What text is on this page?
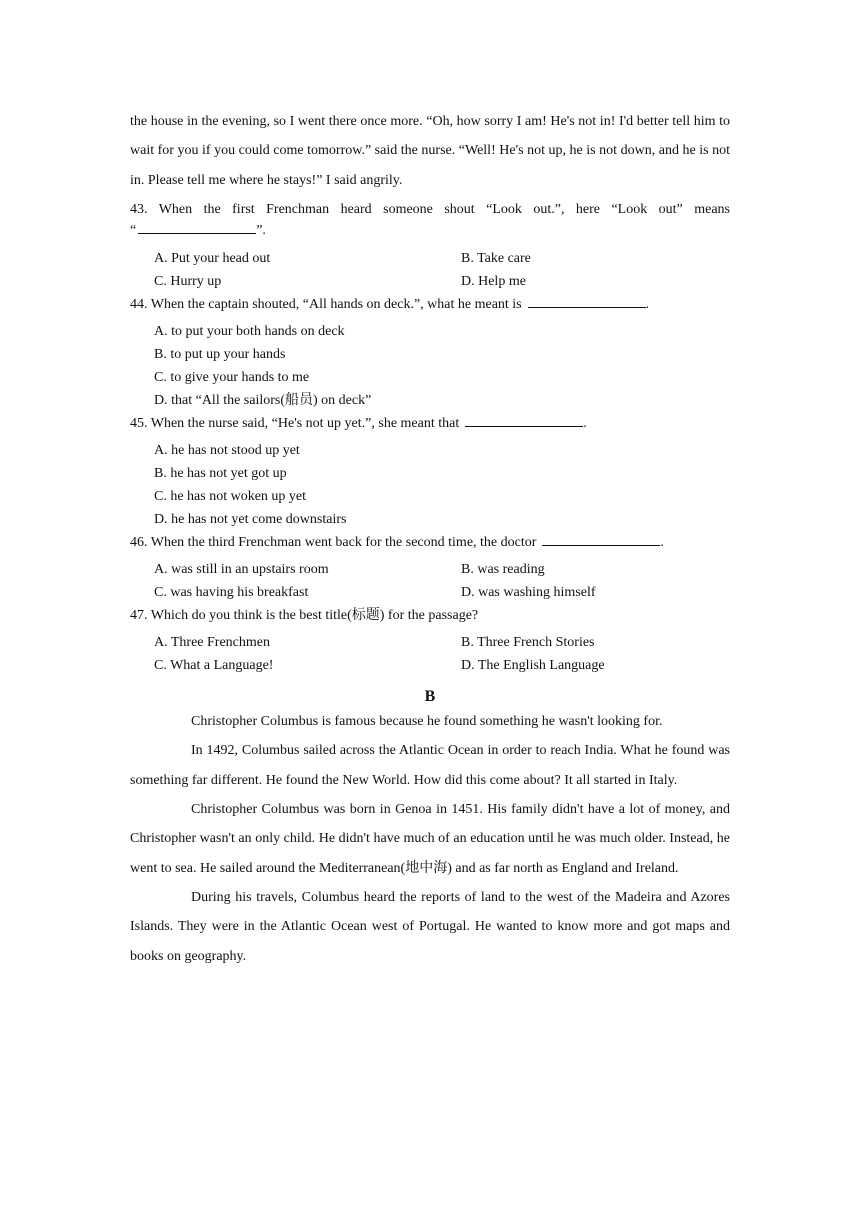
the house in the evening, so I went there once more. “Oh, how sorry I am! He's not in! I'd better tell him to wait for you if you could come tomorrow.” said the nurse. “Well! He's not up, he is not down, and he is not in. Please tell me where he stays!” I said angrily.

43. When the first Frenchman heard someone shout “Look out.”, here “Look out” means

“	”.

A. Put your head out	B. Take care
C. Hurry up	D. Help me

44. When the captain shouted, “All hands on deck.”, what he meant is	.

A. to put your both hands on deck
B. to put up your hands
C. to give your hands to me
D. that “All the sailors(船员) on deck”

45. When the nurse said, “He's not up yet.”, she meant that	.

A. he has not stood up yet
B. he has not yet got up
C. he has not woken up yet
D. he has not yet come downstairs

46. When the third Frenchman went back for the second time, the doctor	.

A. was still in an upstairs room	B. was reading
C. was having his breakfast	D. was washing himself

47. Which do you think is the best title(标题) for the passage?

A. Three Frenchmen	B. Three French Stories
C. What a Language!	D. The English Language
B

Christopher Columbus is famous because he found something he wasn't looking for.

In 1492, Columbus sailed across the Atlantic Ocean in order to reach India. What he found was something far different. He found the New World. How did this come about? It all started in Italy.

Christopher Columbus was born in Genoa in 1451. His family didn't have a lot of money, and Christopher wasn't an only child. He didn't have much of an education until he was much older. Instead, he went to sea. He sailed around the Mediterranean(地中海) and as far north as England and Ireland.

During his travels, Columbus heard the reports of land to the west of the Madeira and Azores Islands. They were in the Atlantic Ocean west of Portugal. He wanted to know more and got maps and books on geography.
